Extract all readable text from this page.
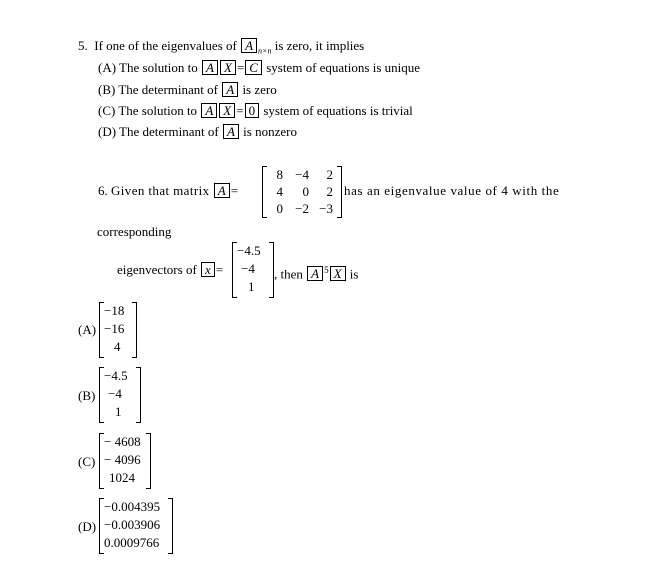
5. If one of the eigenvalues of A $_{n\times n}$ is zero, it implies
(A) The solution to A X = C system of equations is unique
(B) The determinant of A is zero
(C) The solution to A X = 0 system of equations is trivial
(D) The determinant of A is nonzero
6. Given that matrix A =
8 −4	2
4	0	2
0 −2 −3
has an eigenvalue value of 4 with the
corresponding
eigenvectors of x =
−4.5
−4
1
, then A $^5$ X is
(A)
−18
−16
4
(B)
−4.5
−4
1
(C)
− 4608
− 4096
1024
(D)
−0.004395
−0.003906
0.0009766
